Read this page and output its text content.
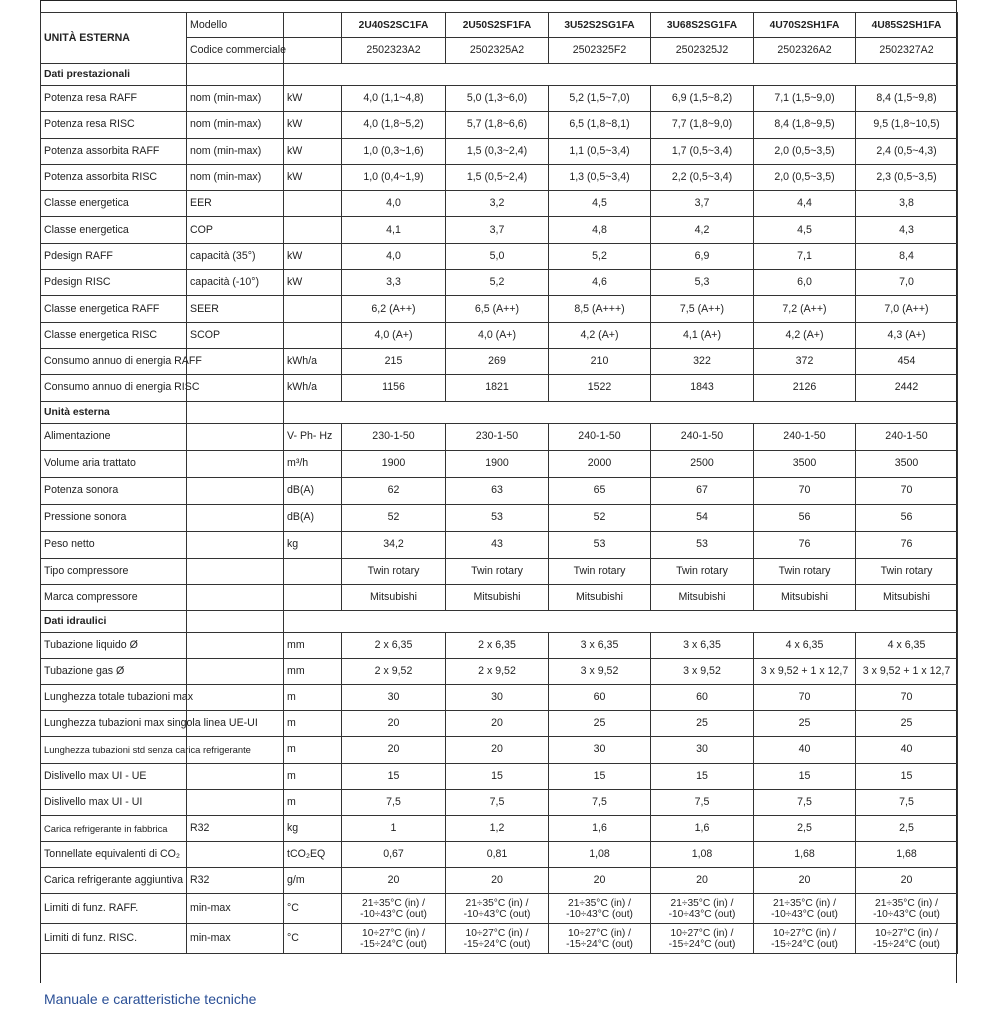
UNITÀ ESTERNA	Modello		2U40S2SC1FA	2U50S2SF1FA	3U52S2SG1FA	3U68S2SG1FA	4U70S2SH1FA	4U85S2SH1FA
	Codice commerciale		2502323A2	2502325A2	2502325F2	2502325J2	2502326A2	2502327A2
Dati prestazionali								
Potenza resa RAFF	nom (min-max)	kW	4,0 (1,1~4,8)	5,0 (1,3~6,0)	5,2 (1,5~7,0)	6,9 (1,5~8,2)	7,1 (1,5~9,0)	8,4 (1,5~9,8)
Potenza resa RISC	nom (min-max)	kW	4,0 (1,8~5,2)	5,7 (1,8~6,6)	6,5 (1,8~8,1)	7,7 (1,8~9,0)	8,4 (1,8~9,5)	9,5 (1,8~10,5)
Potenza assorbita RAFF	nom (min-max)	kW	1,0 (0,3~1,6)	1,5 (0,3~2,4)	1,1 (0,5~3,4)	1,7 (0,5~3,4)	2,0 (0,5~3,5)	2,4 (0,5~4,3)
Potenza assorbita RISC	nom (min-max)	kW	1,0 (0,4~1,9)	1,5 (0,5~2,4)	1,3 (0,5~3,4)	2,2 (0,5~3,4)	2,0 (0,5~3,5)	2,3 (0,5~3,5)
Classe energetica	EER		4,0	3,2	4,5	3,7	4,4	3,8
Classe energetica	COP		4,1	3,7	4,8	4,2	4,5	4,3
Pdesign RAFF	capacità (35°)	kW	4,0	5,0	5,2	6,9	7,1	8,4
Pdesign RISC	capacità (-10°)	kW	3,3	5,2	4,6	5,3	6,0	7,0
Classe energetica RAFF	SEER		6,2 (A++)	6,5 (A++)	8,5 (A+++)	7,5 (A++)	7,2 (A++)	7,0 (A++)
Classe energetica RISC	SCOP		4,0 (A+)	4,0 (A+)	4,2 (A+)	4,1 (A+)	4,2 (A+)	4,3 (A+)
Consumo annuo di energia RAFF		kWh/a	215	269	210	322	372	454
Consumo annuo di energia RISC		kWh/a	1156	1821	1522	1843	2126	2442
Unità esterna								
Alimentazione		V- Ph- Hz	230-1-50	230-1-50	240-1-50	240-1-50	240-1-50	240-1-50
Volume aria trattato		m³/h	1900	1900	2000	2500	3500	3500
Potenza sonora		dB(A)	62	63	65	67	70	70
Pressione sonora		dB(A)	52	53	52	54	56	56
Peso netto		kg	34,2	43	53	53	76	76
Tipo compressore			Twin rotary	Twin rotary	Twin rotary	Twin rotary	Twin rotary	Twin rotary
Marca compressore			Mitsubishi	Mitsubishi	Mitsubishi	Mitsubishi	Mitsubishi	Mitsubishi
Dati idraulici								
Tubazione liquido Ø		mm	2 x 6,35	2 x 6,35	3 x 6,35	3 x 6,35	4 x 6,35	4 x 6,35
Tubazione gas Ø		mm	2 x 9,52	2 x 9,52	3 x 9,52	3 x 9,52	3 x 9,52 + 1 x 12,7	3 x 9,52 + 1 x 12,7
Lunghezza totale tubazioni max		m	30	30	60	60	70	70
Lunghezza tubazioni max singola linea UE-UI		m	20	20	25	25	25	25
Lunghezza tubazioni std senza carica refrigerante		m	20	20	30	30	40	40
Dislivello max UI - UE		m	15	15	15	15	15	15
Dislivello max UI - UI		m	7,5	7,5	7,5	7,5	7,5	7,5
Carica refrigerante in fabbrica	R32	kg	1	1,2	1,6	1,6	2,5	2,5
Tonnellate equivalenti di CO₂		tCO₂EQ	0,67	0,81	1,08	1,08	1,68	1,68
Carica refrigerante aggiuntiva	R32	g/m	20	20	20	20	20	20
Limiti di funz. RAFF.	min-max	°C	21÷35°C (in) / -10÷43°C (out)	21÷35°C (in) / -10÷43°C (out)	21÷35°C (in) / -10÷43°C (out)	21÷35°C (in) / -10÷43°C (out)	21÷35°C (in) / -10÷43°C (out)	21÷35°C (in) / -10÷43°C (out)
Limiti di funz. RISC.	min-max	°C	10÷27°C (in) / -15÷24°C (out)	10÷27°C (in) / -15÷24°C (out)	10÷27°C (in) / -15÷24°C (out)	10÷27°C (in) / -15÷24°C (out)	10÷27°C (in) / -15÷24°C (out)	10÷27°C (in) / -15÷24°C (out)
Manuale e caratteristiche tecniche
